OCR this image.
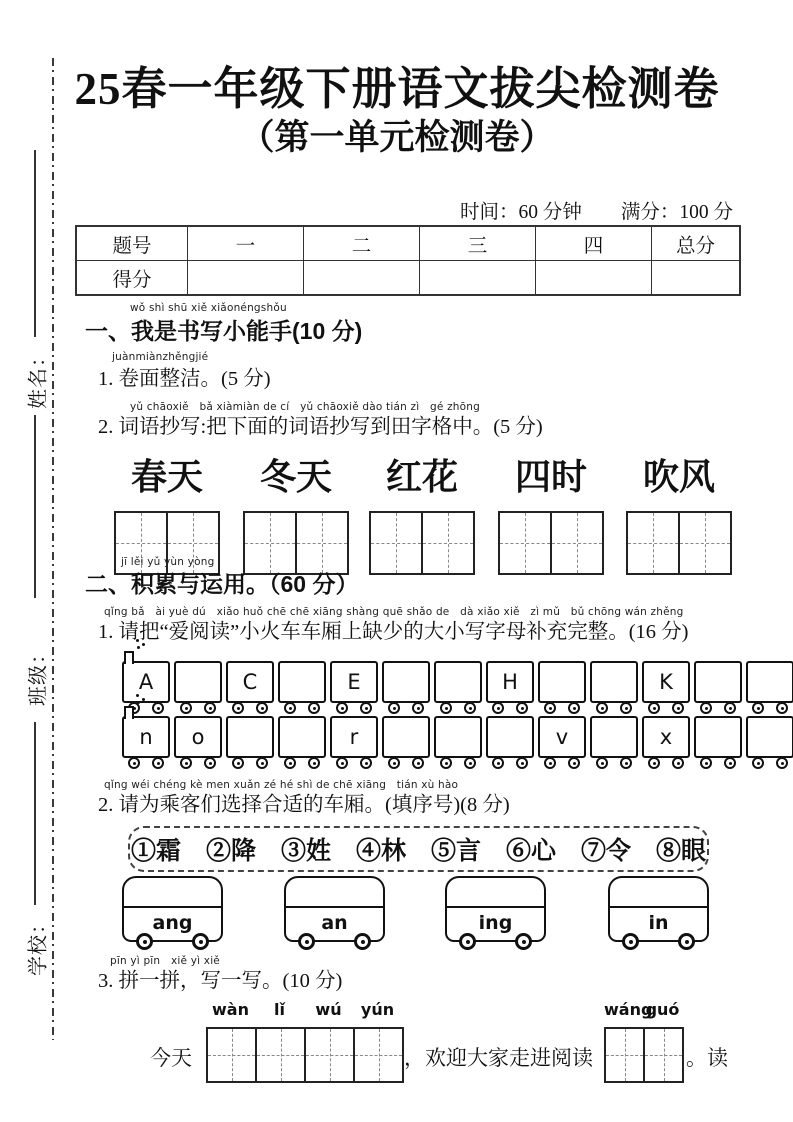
姓名：
班级：
学校：
25春一年级下册语文拔尖检测卷
（第一单元检测卷）
时间：60 分钟　　满分：100 分
题号	一	二	三	四	总分
得分					
wǒ shì shū xiě xiǎonéngshǒu
一、我是书写小能手(10 分)
juànmiànzhěngjié
1. 卷面整洁。(5 分)
yǔ chāoxiě　bǎ xiàmiàn de cí　yǔ chāoxiě dào tián zì　gé zhōng
2. 词语抄写:把下面的词语抄写到田字格中。(5 分)
春天	冬天	红花	四时	吹风
jī lěi yǔ yùn yòng
二、积累与运用。（60 分）
qǐng bǎ　ài yuè dú　xiǎo huǒ chē chē xiāng shàng quē shǎo de　dà xiǎo xiě　zì mǔ　bǔ chōng wán zhěng
1. 请把“爱阅读”小火车车厢上缺少的大小写字母补充完整。(16 分)
A	C	E	H	K
n o	r	v	x
qǐng wéi chéng kè men xuǎn zé hé shì de chē xiāng　tián xù hào
2. 请为乘客们选择合适的车厢。(填序号)(8 分)
①霜　②降　③姓　④林　⑤言　⑥心　⑦令　⑧眼
ang	an	ing	in
pīn yì pīn　xiě yì xiě
3. 拼一拼，写一写。(10 分)
wàn	lǐ	wú	yún	wáng
guó
今天	，欢迎大家走进阅读	。读
